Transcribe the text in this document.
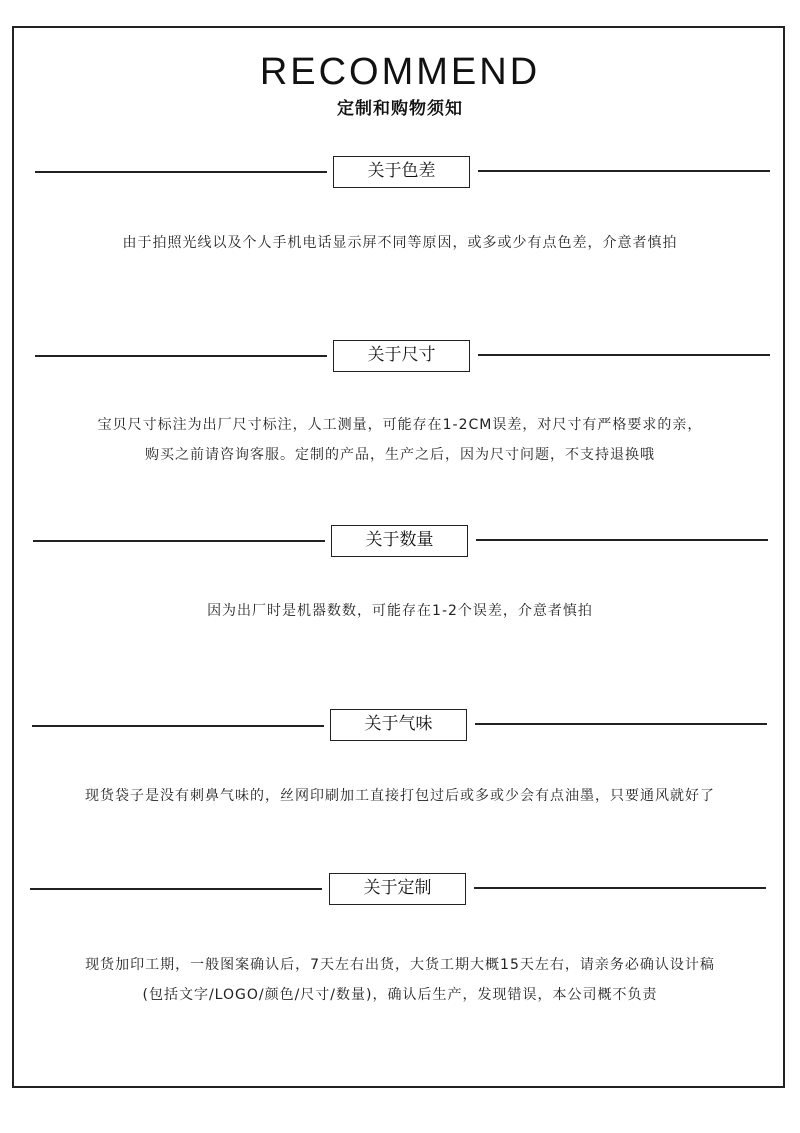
RECOMMEND
定制和购物须知
关于色差
由于拍照光线以及个人手机电话显示屏不同等原因，或多或少有点色差，介意者慎拍
关于尺寸
宝贝尺寸标注为出厂尺寸标注，人工测量，可能存在1-2CM误差，对尺寸有严格要求的亲，
购买之前请咨询客服。定制的产品，生产之后，因为尺寸问题，不支持退换哦
关于数量
因为出厂时是机器数数，可能存在1-2个误差，介意者慎拍
关于气味
现货袋子是没有刺鼻气味的，丝网印刷加工直接打包过后或多或少会有点油墨，只要通风就好了
关于定制
现货加印工期，一般图案确认后，7天左右出货，大货工期大概15天左右，请亲务必确认设计稿
(包括文字/LOGO/颜色/尺寸/数量)，确认后生产，发现错误，本公司概不负责
